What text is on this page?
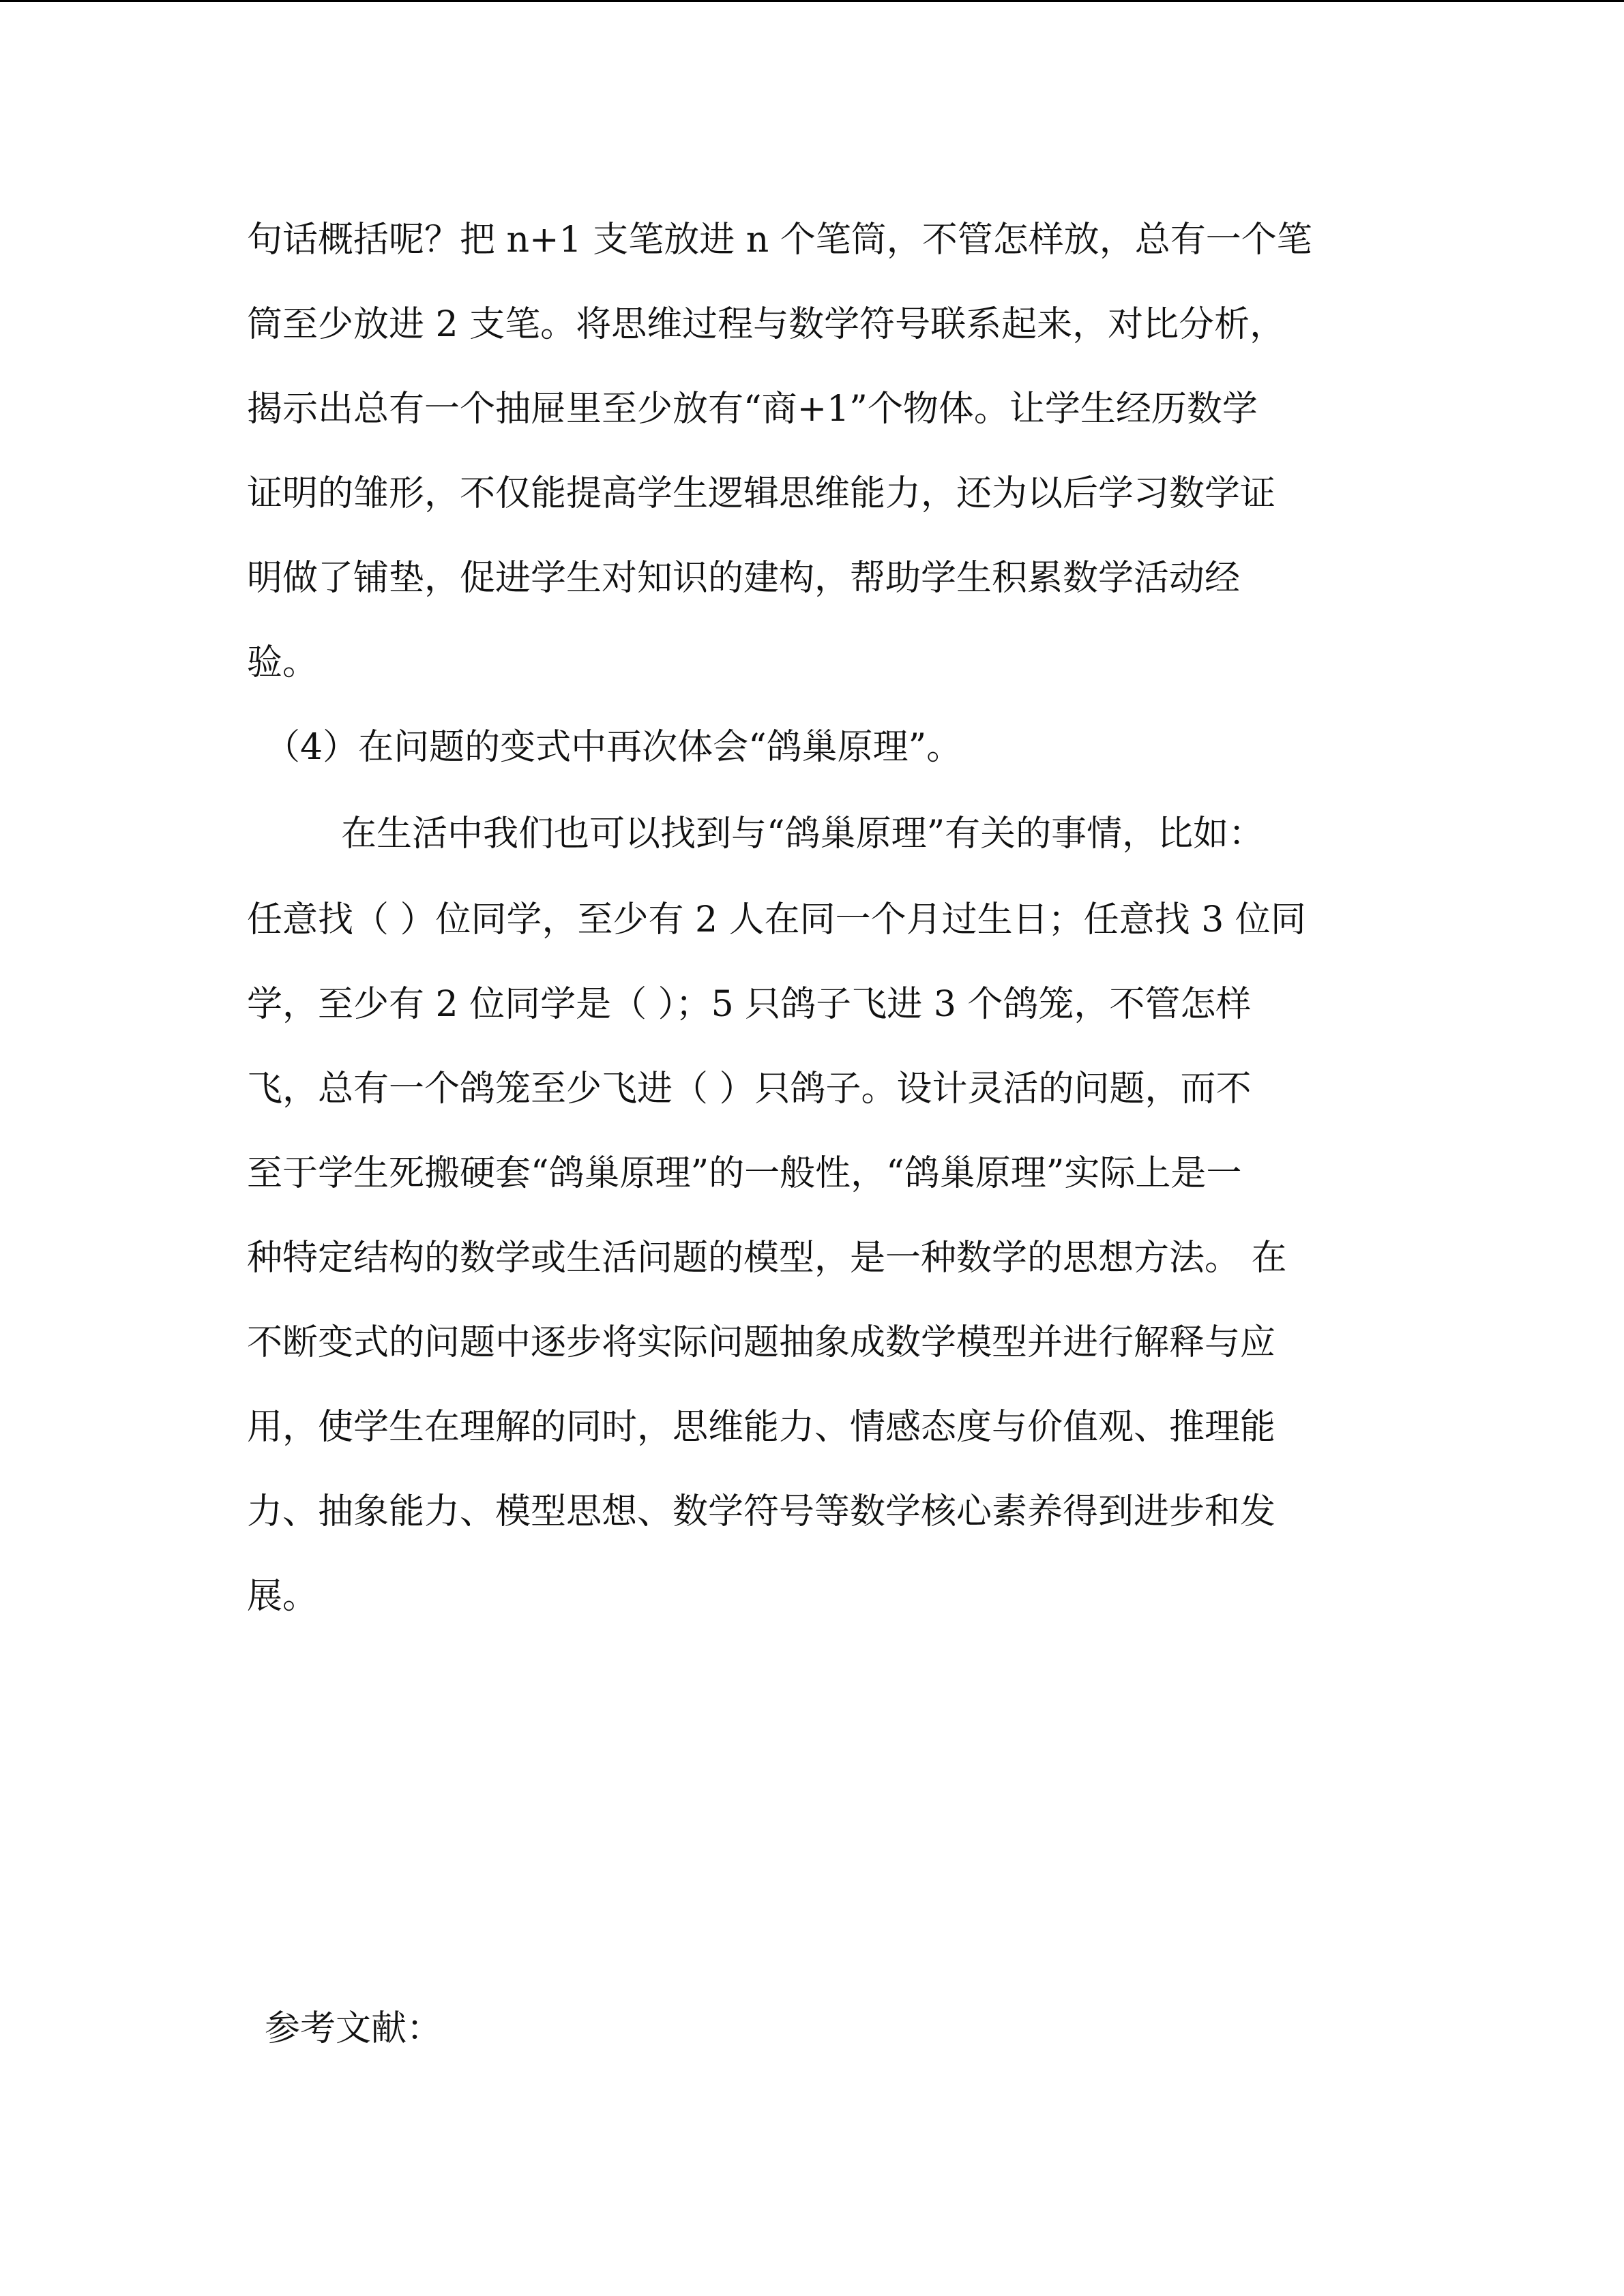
句话概括呢？把 n+1 支笔放进 n 个笔筒，不管怎样放，总有一个笔

筒至少放进 2 支笔。将思维过程与数学符号联系起来，对比分析，

揭示出总有一个抽屉里至少放有“商+1”个物体。让学生经历数学

证明的雏形，不仅能提高学生逻辑思维能力，还为以后学习数学证

明做了铺垫，促进学生对知识的建构，帮助学生积累数学活动经

验。

（4）在问题的变式中再次体会“鸽巢原理”。

在生活中我们也可以找到与“鸽巢原理”有关的事情，比如：

任意找（ ）位同学，至少有 2 人在同一个月过生日；任意找 3 位同

学，至少有 2 位同学是（ ）；5 只鸽子飞进 3 个鸽笼，不管怎样

飞，总有一个鸽笼至少飞进（ ）只鸽子。设计灵活的问题，而不

至于学生死搬硬套“鸽巢原理”的一般性，“鸽巢原理”实际上是一

种特定结构的数学或生活问题的模型，是一种数学的思想方法。 在

不断变式的问题中逐步将实际问题抽象成数学模型并进行解释与应

用，使学生在理解的同时，思维能力、情感态度与价值观、推理能

力、抽象能力、模型思想、数学符号等数学核心素养得到进步和发

展。

参考文献：
